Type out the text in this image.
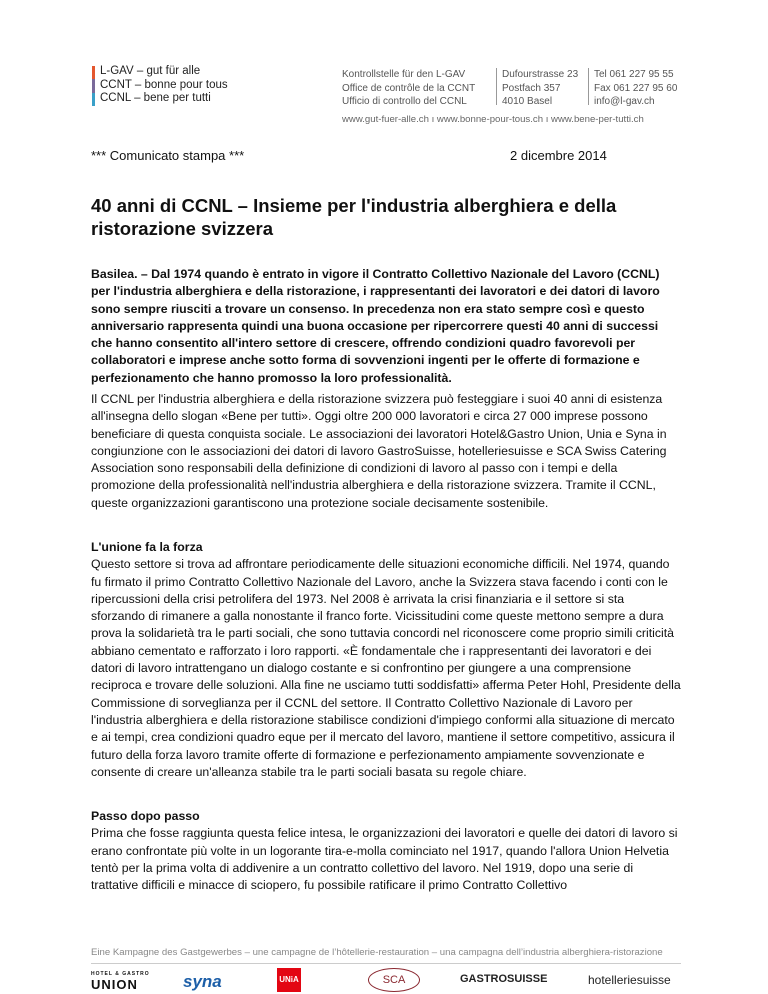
L-GAV – gut für alle
CCNT – bonne pour tous
CCNL – bene per tutti
Kontrollstelle für den L-GAV
Office de contrôle de la CCNT
Ufficio di controllo del CCNL
Dufourstrasse 23
Postfach 357
4010 Basel
Tel 061 227 95 55
Fax 061 227 95 60
info@l-gav.ch
www.gut-fuer-alle.ch ı www.bonne-pour-tous.ch ı www.bene-per-tutti.ch
*** Comunicato stampa ***	2 dicembre 2014
40 anni di CCNL – Insieme per l'industria alberghiera e della ristorazione svizzera
Basilea. – Dal 1974 quando è entrato in vigore il Contratto Collettivo Nazionale del Lavoro (CCNL) per l'industria alberghiera e della ristorazione, i rappresentanti dei lavoratori e dei datori di lavoro sono sempre riusciti a trovare un consenso. In precedenza non era stato sempre così e questo anniversario rappresenta quindi una buona occasione per ripercorrere questi 40 anni di successi che hanno consentito all'intero settore di crescere, offrendo condizioni quadro favorevoli per collaboratori e imprese anche sotto forma di sovvenzioni ingenti per le offerte di formazione e perfezionamento che hanno promosso la loro professionalità.
Il CCNL per l'industria alberghiera e della ristorazione svizzera può festeggiare i suoi 40 anni di esistenza all'insegna dello slogan «Bene per tutti». Oggi oltre 200 000 lavoratori e circa 27 000 imprese possono beneficiare di questa conquista sociale. Le associazioni dei lavoratori Hotel&Gastro Union, Unia e Syna in congiunzione con le associazioni dei datori di lavoro GastroSuisse, hotelleriesuisse e SCA Swiss Catering Association sono responsabili della definizione di condizioni di lavoro al passo con i tempi e della promozione della professionalità nell'industria alberghiera e della ristorazione svizzera. Tramite il CCNL, queste organizzazioni garantiscono una protezione sociale decisamente sostenibile.
L'unione fa la forza
Questo settore si trova ad affrontare periodicamente delle situazioni economiche difficili. Nel 1974, quando fu firmato il primo Contratto Collettivo Nazionale del Lavoro, anche la Svizzera stava facendo i conti con le ripercussioni della crisi petrolifera del 1973. Nel 2008 è arrivata la crisi finanziaria e il settore si sta sforzando di rimanere a galla nonostante il franco forte. Vicissitudini come queste mettono sempre a dura prova la solidarietà tra le parti sociali, che sono tuttavia concordi nel riconoscere come proprio simili criticità abbiano cementato e rafforzato i loro rapporti. «È fondamentale che i rappresentanti dei lavoratori e dei datori di lavoro intrattengano un dialogo costante e si confrontino per giungere a una comprensione reciproca e trovare delle soluzioni. Alla fine ne usciamo tutti soddisfatti» afferma Peter Hohl, Presidente della Commissione di sorveglianza per il CCNL del settore. Il Contratto Collettivo Nazionale di Lavoro per l'industria alberghiera e della ristorazione stabilisce condizioni d'impiego conformi alla situazione di mercato e ai tempi, crea condizioni quadro eque per il mercato del lavoro, mantiene il settore competitivo, assicura il futuro della forza lavoro tramite offerte di formazione e perfezionamento ampiamente sovvenzionate e consente di creare un'alleanza stabile tra le parti sociali basata su regole chiare.
Passo dopo passo
Prima che fosse raggiunta questa felice intesa, le organizzazioni dei lavoratori e quelle dei datori di lavoro si erano confrontate più volte in un logorante tira-e-molla cominciato nel 1917, quando l'allora Union Helvetia tentò per la prima volta di addivenire a un contratto collettivo del lavoro. Nel 1919, dopo una serie di trattative difficili e minacce di sciopero, fu possibile ratificare il primo Contratto Collettivo
Eine Kampagne des Gastgewerbes – une campagne de l’hôtellerie-restauration – una campagna dell’industria alberghiera-ristorazione
HOTEL & GASTRO
UNION	syna	UNiA	SCA	GASTROSUISSE	hotelleriesuisse
